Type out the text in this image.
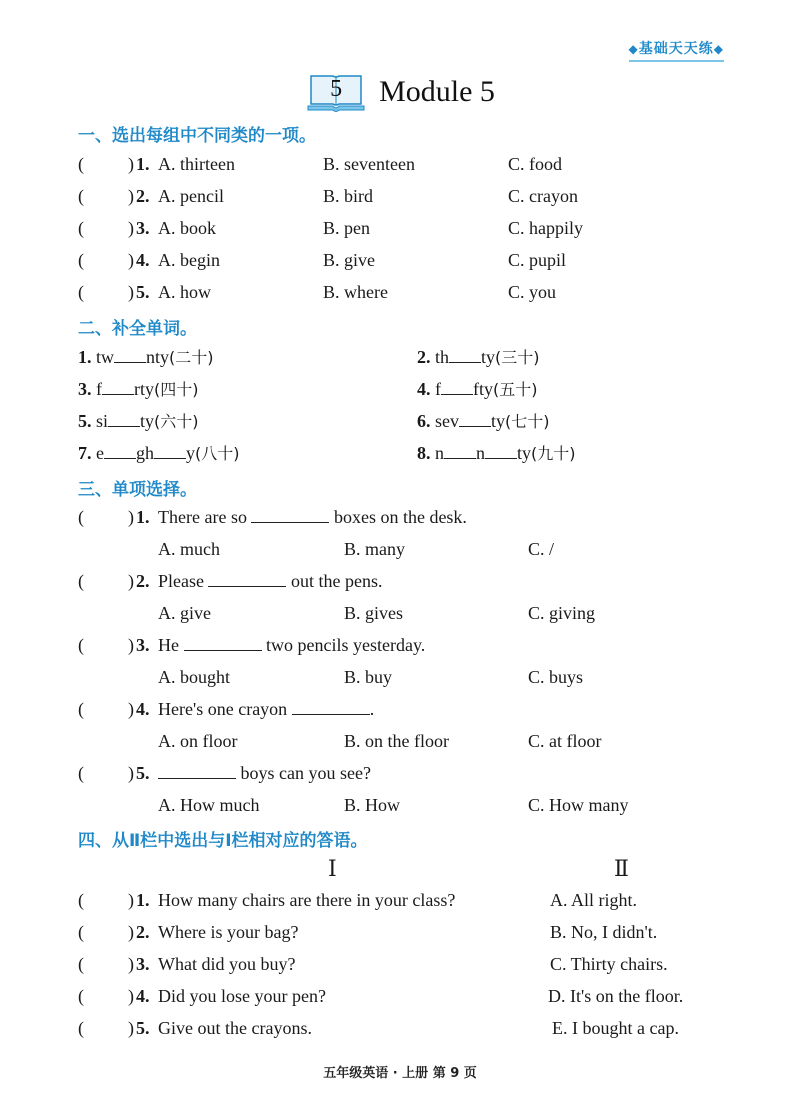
◆基础天天练◆
5	Module 5
一、选出每组中不同类的一项。
( ) 1. A. thirteen	B. seventeen	C. food
( ) 2. A. pencil	B. bird	C. crayon
( ) 3. A. book	B. pen	C. happily
( ) 4. A. begin	B. give	C. pupil
( ) 5. A. how	B. where	C. you
二、补全单词。
1. tw nty(二十)	2. th ty(三十)
3. f rty(四十)	4. f fty(五十)
5. si ty(六十)	6. sev ty(七十)
7. e gh y(八十)	8. n n ty(九十)
三、单项选择。
( ) 1. There are so	boxes on the desk.
A. much	B. many	C. /
( ) 2. Please	out the pens.
A. give	B. gives	C. giving
( ) 3. He	two pencils yesterday.
A. bought	B. buy	C. buys
( ) 4. Here's one crayon	.
A. on floor	B. on the floor	C. at floor
( ) 5.	boys can you see?
A. How much	B. How	C. How many
四、从Ⅱ栏中选出与Ⅰ栏相对应的答语。
Ⅰ	Ⅱ
( ) 1. How many chairs are there in your class?	A. All right.
( ) 2. Where is your bag?	B. No, I didn't.
( ) 3. What did you buy?	C. Thirty chairs.
( ) 4. Did you lose your pen?	D. It's on the floor.
( ) 5. Give out the crayons.	E. I bought a cap.
五年级英语 · 上册 第 9 页
